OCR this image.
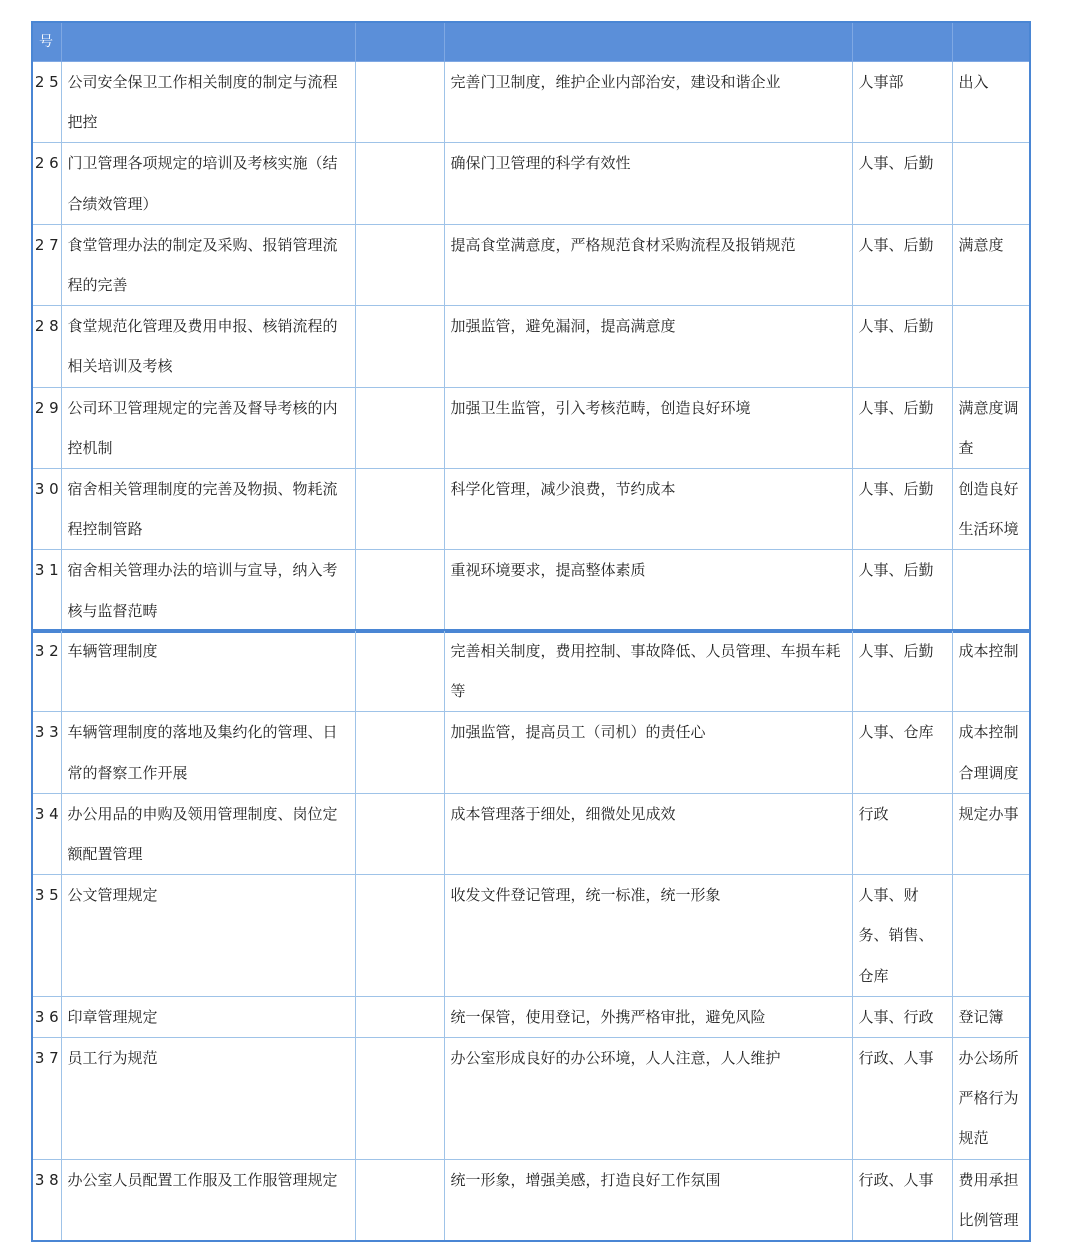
号					
2 5	公司安全保卫工作相关制度的制定与流程把控		完善门卫制度，维护企业内部治安，建设和谐企业	人事部	出入
2 6	门卫管理各项规定的培训及考核实施（结合绩效管理）		确保门卫管理的科学有效性	人事、后勤	
2 7	食堂管理办法的制定及采购、报销管理流程的完善		提高食堂满意度，严格规范食材采购流程及报销规范	人事、后勤	满意度
2 8	食堂规范化管理及费用申报、核销流程的相关培训及考核		加强监管，避免漏洞，提高满意度	人事、后勤	
2 9	公司环卫管理规定的完善及督导考核的内控机制		加强卫生监管，引入考核范畴，创造良好环境	人事、后勤	满意度调查
3 0	宿舍相关管理制度的完善及物损、物耗流程控制管路		科学化管理，减少浪费，节约成本	人事、后勤	创造良好生活环境
3 1	宿舍相关管理办法的培训与宣导，纳入考核与监督范畴		重视环境要求，提高整体素质	人事、后勤	
3 2	车辆管理制度		完善相关制度，费用控制、事故降低、人员管理、车损车耗等	人事、后勤	成本控制
3 3	车辆管理制度的落地及集约化的管理、日常的督察工作开展		加强监管，提高员工（司机）的责任心	人事、仓库	成本控制合理调度
3 4	办公用品的申购及领用管理制度、岗位定额配置管理		成本管理落于细处，细微处见成效	行政	规定办事
3 5	公文管理规定		收发文件登记管理，统一标准，统一形象	人事、财务、销售、仓库	
3 6	印章管理规定		统一保管，使用登记，外携严格审批，避免风险	人事、行政	登记簿
3 7	员工行为规范		办公室形成良好的办公环境，人人注意，人人维护	行政、人事	办公场所严格行为规范
3 8	办公室人员配置工作服及工作服管理规定		统一形象，增强美感，打造良好工作氛围	行政、人事	费用承担比例管理
